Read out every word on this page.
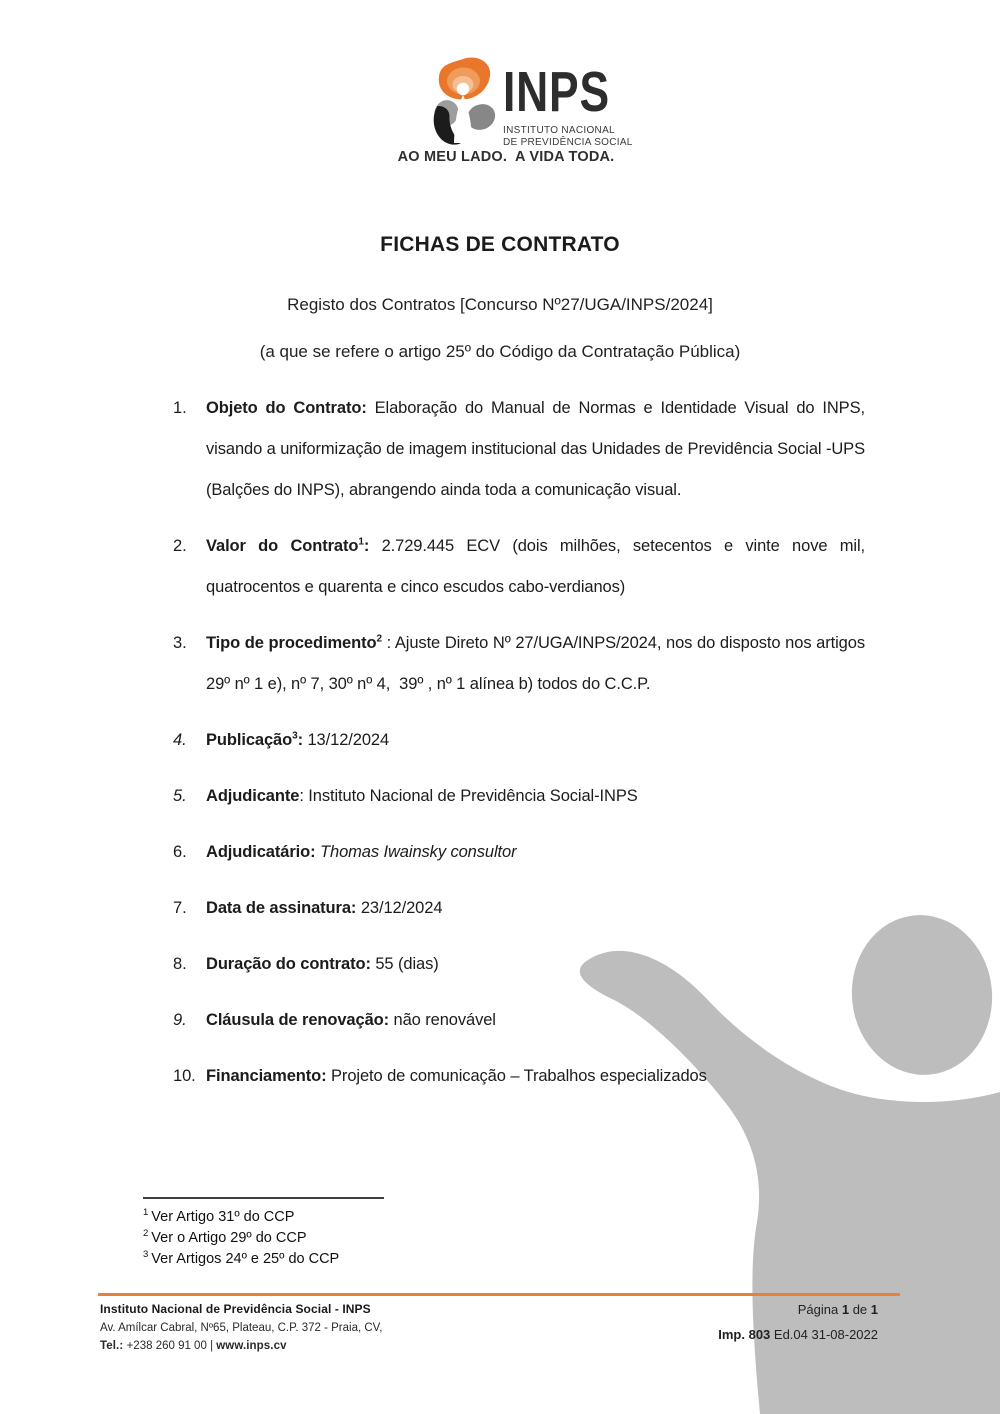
INPS
INSTITUTO NACIONAL
DE PREVIDÊNCIA SOCIAL
AO MEU LADO.  A VIDA TODA.
FICHAS DE CONTRATO
Registo dos Contratos [Concurso Nº27/UGA/INPS/2024]
(a que se refere o artigo 25º do Código da Contratação Pública)
1. Objeto do Contrato: Elaboração do Manual de Normas e Identidade Visual do INPS, visando a uniformização de imagem institucional das Unidades de Previdência Social -UPS (Balções do INPS), abrangendo ainda toda a comunicação visual.
2. Valor do Contrato$^1$: 2.729.445 ECV (dois milhões, setecentos e vinte nove mil, quatrocentos e quarenta e cinco escudos cabo-verdianos)
3. Tipo de procedimento$^2$ : Ajuste Direto Nº 27/UGA/INPS/2024, nos do disposto nos artigos 29º nº 1 e), nº 7, 30º nº 4,  39º , nº 1 alínea b) todos do C.C.P.
4. Publicação$^3$: 13/12/2024
5. Adjudicante: Instituto Nacional de Previdência Social-INPS
6. Adjudicatário: Thomas Iwainsky consultor
7. Data de assinatura: 23/12/2024
8. Duração do contrato: 55 (dias)
9. Cláusula de renovação: não renovável
10. Financiamento: Projeto de comunicação – Trabalhos especializados
$^1$ Ver Artigo 31º do CCP
$^2$ Ver o Artigo 29º do CCP
$^3$ Ver Artigos 24º e 25º do CCP
Instituto Nacional de Previdência Social - INPS
Av. Amílcar Cabral, Nº65, Plateau, C.P. 372 - Praia, CV,
Tel.: +238 260 91 00 | www.inps.cv
Página 1 de 1
Imp. 803 Ed.04 31-08-2022
